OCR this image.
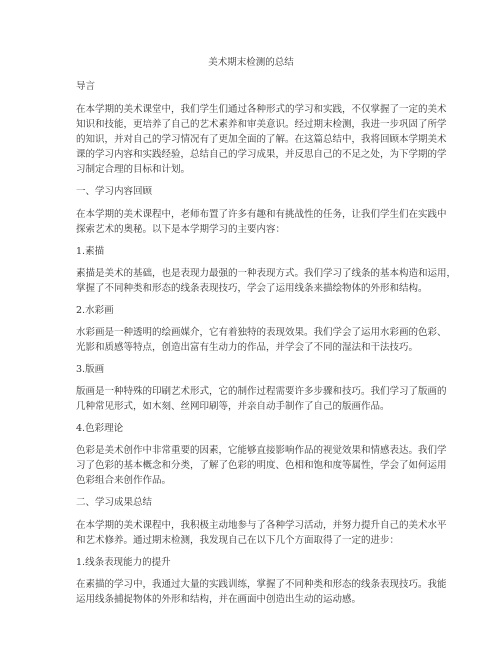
美术期末检测的总结
导言
在本学期的美术课堂中，我们学生们通过各种形式的学习和实践，不仅掌握了一定的美术
知识和技能，更培养了自己的艺术素养和审美意识。经过期末检测，我进一步巩固了所学
的知识，并对自己的学习情况有了更加全面的了解。在这篇总结中，我将回顾本学期美术
课的学习内容和实践经验，总结自己的学习成果，并反思自己的不足之处，为下学期的学
习制定合理的目标和计划。
一、学习内容回顾
在本学期的美术课程中，老师布置了许多有趣和有挑战性的任务，让我们学生们在实践中
探索艺术的奥秘。以下是本学期学习的主要内容：
1.素描
素描是美术的基础，也是表现力最强的一种表现方式。我们学习了线条的基本构造和运用，
掌握了不同种类和形态的线条表现技巧，学会了运用线条来描绘物体的外形和结构。
2.水彩画
水彩画是一种透明的绘画媒介，它有着独特的表现效果。我们学会了运用水彩画的色彩、
光影和质感等特点，创造出富有生动力的作品，并学会了不同的湿法和干法技巧。
3.版画
版画是一种特殊的印刷艺术形式，它的制作过程需要许多步骤和技巧。我们学习了版画的
几种常见形式，如木刻、丝网印刷等，并亲自动手制作了自己的版画作品。
4.色彩理论
色彩是美术创作中非常重要的因素，它能够直接影响作品的视觉效果和情感表达。我们学
习了色彩的基本概念和分类，了解了色彩的明度、色相和饱和度等属性，学会了如何运用
色彩组合来创作作品。
二、学习成果总结
在本学期的美术课程中，我积极主动地参与了各种学习活动，并努力提升自己的美术水平
和艺术修养。通过期末检测，我发现自己在以下几个方面取得了一定的进步：
1.线条表现能力的提升
在素描的学习中，我通过大量的实践训练，掌握了不同种类和形态的线条表现技巧。我能
运用线条捕捉物体的外形和结构，并在画面中创造出生动的运动感。
